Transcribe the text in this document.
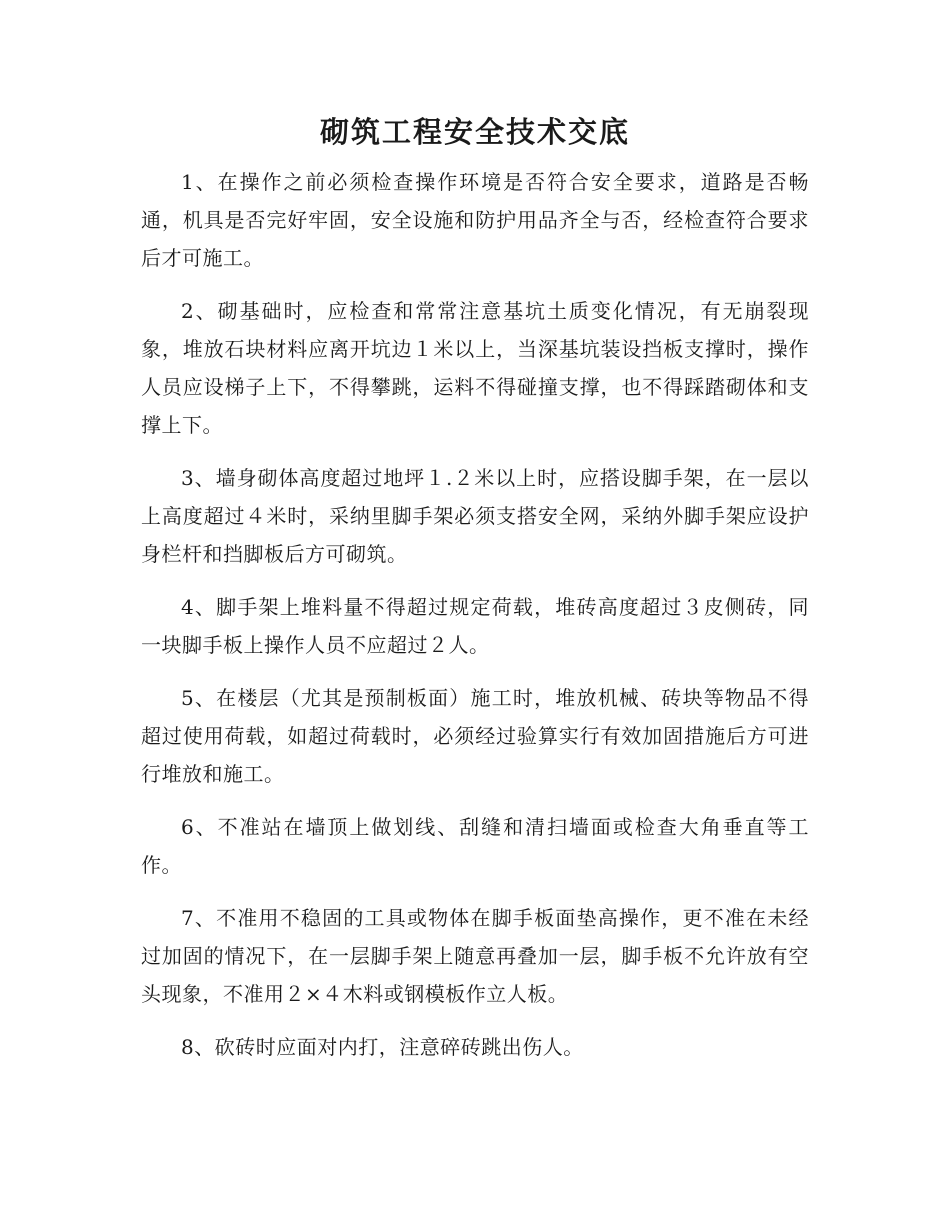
砌筑工程安全技术交底

1、在操作之前必须检查操作环境是否符合安全要求，道路是否畅通，机具是否完好牢固，安全设施和防护用品齐全与否，经检查符合要求后才可施工。

2、砌基础时，应检查和常常注意基坑土质变化情况，有无崩裂现象，堆放石块材料应离开坑边１米以上，当深基坑装设挡板支撑时，操作人员应设梯子上下，不得攀跳，运料不得碰撞支撑，也不得踩踏砌体和支撑上下。

3、墙身砌体高度超过地坪１.２米以上时，应搭设脚手架，在一层以上高度超过４米时，采纳里脚手架必须支搭安全网，采纳外脚手架应设护身栏杆和挡脚板后方可砌筑。

4、脚手架上堆料量不得超过规定荷载，堆砖高度超过３皮侧砖，同一块脚手板上操作人员不应超过２人。

5、在楼层（尤其是预制板面）施工时，堆放机械、砖块等物品不得超过使用荷载，如超过荷载时，必须经过验算实行有效加固措施后方可进行堆放和施工。

6、不准站在墙顶上做划线、刮缝和清扫墙面或检查大角垂直等工作。

7、不准用不稳固的工具或物体在脚手板面垫高操作，更不准在未经过加固的情况下，在一层脚手架上随意再叠加一层，脚手板不允许放有空头现象，不准用２×４木料或钢模板作立人板。

8、砍砖时应面对内打，注意碎砖跳出伤人。
